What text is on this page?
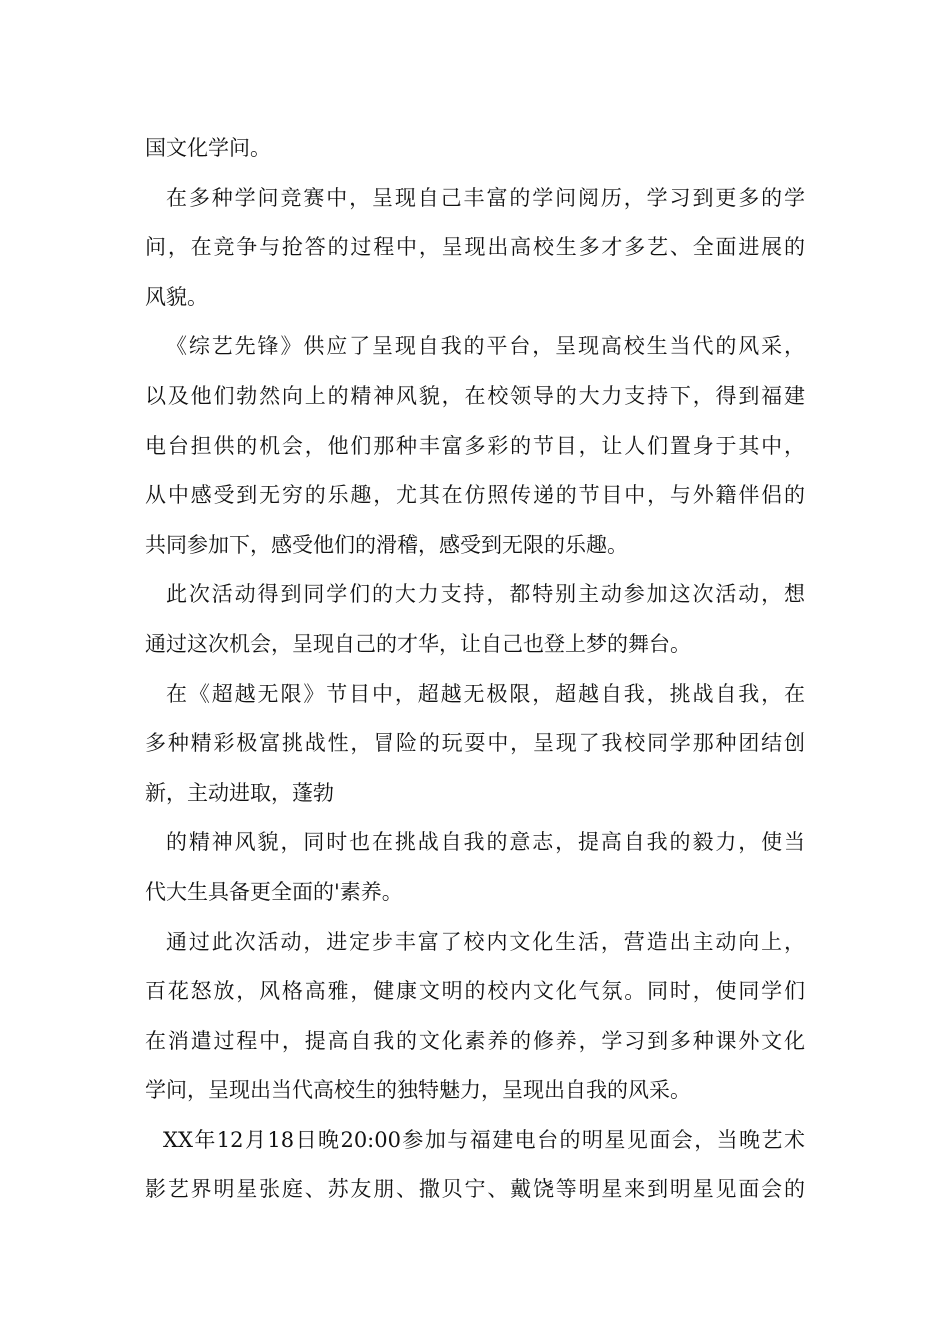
国文化学问。
在多种学问竞赛中，呈现自己丰富的学问阅历，学习到更多的学
问，在竞争与抢答的过程中，呈现出高校生多才多艺、全面进展的
风貌。
《综艺先锋》供应了呈现自我的平台，呈现高校生当代的风采，
以及他们勃然向上的精神风貌，在校领导的大力支持下，得到福建
电台担供的机会，他们那种丰富多彩的节目，让人们置身于其中，
从中感受到无穷的乐趣，尤其在仿照传递的节目中，与外籍伴侣的
共同参加下，感受他们的滑稽，感受到无限的乐趣。
此次活动得到同学们的大力支持，都特别主动参加这次活动，想
通过这次机会，呈现自己的才华，让自己也登上梦的舞台。
在《超越无限》节目中，超越无极限，超越自我，挑战自我，在
多种精彩极富挑战性，冒险的玩耍中，呈现了我校同学那种团结创
新，主动进取，蓬勃
的精神风貌，同时也在挑战自我的意志，提高自我的毅力，使当
代大生具备更全面的'素养。
通过此次活动，进定步丰富了校内文化生活，营造出主动向上，
百花怒放，风格高雅，健康文明的校内文化气氛。同时，使同学们
在消遣过程中，提高自我的文化素养的修养，学习到多种课外文化
学问，呈现出当代高校生的独特魅力，呈现出自我的风采。
XX年12月18日晚20:00参加与福建电台的明星见面会，当晚艺术
影艺界明星张庭、苏友朋、撒贝宁、戴饶等明星来到明星见面会的
